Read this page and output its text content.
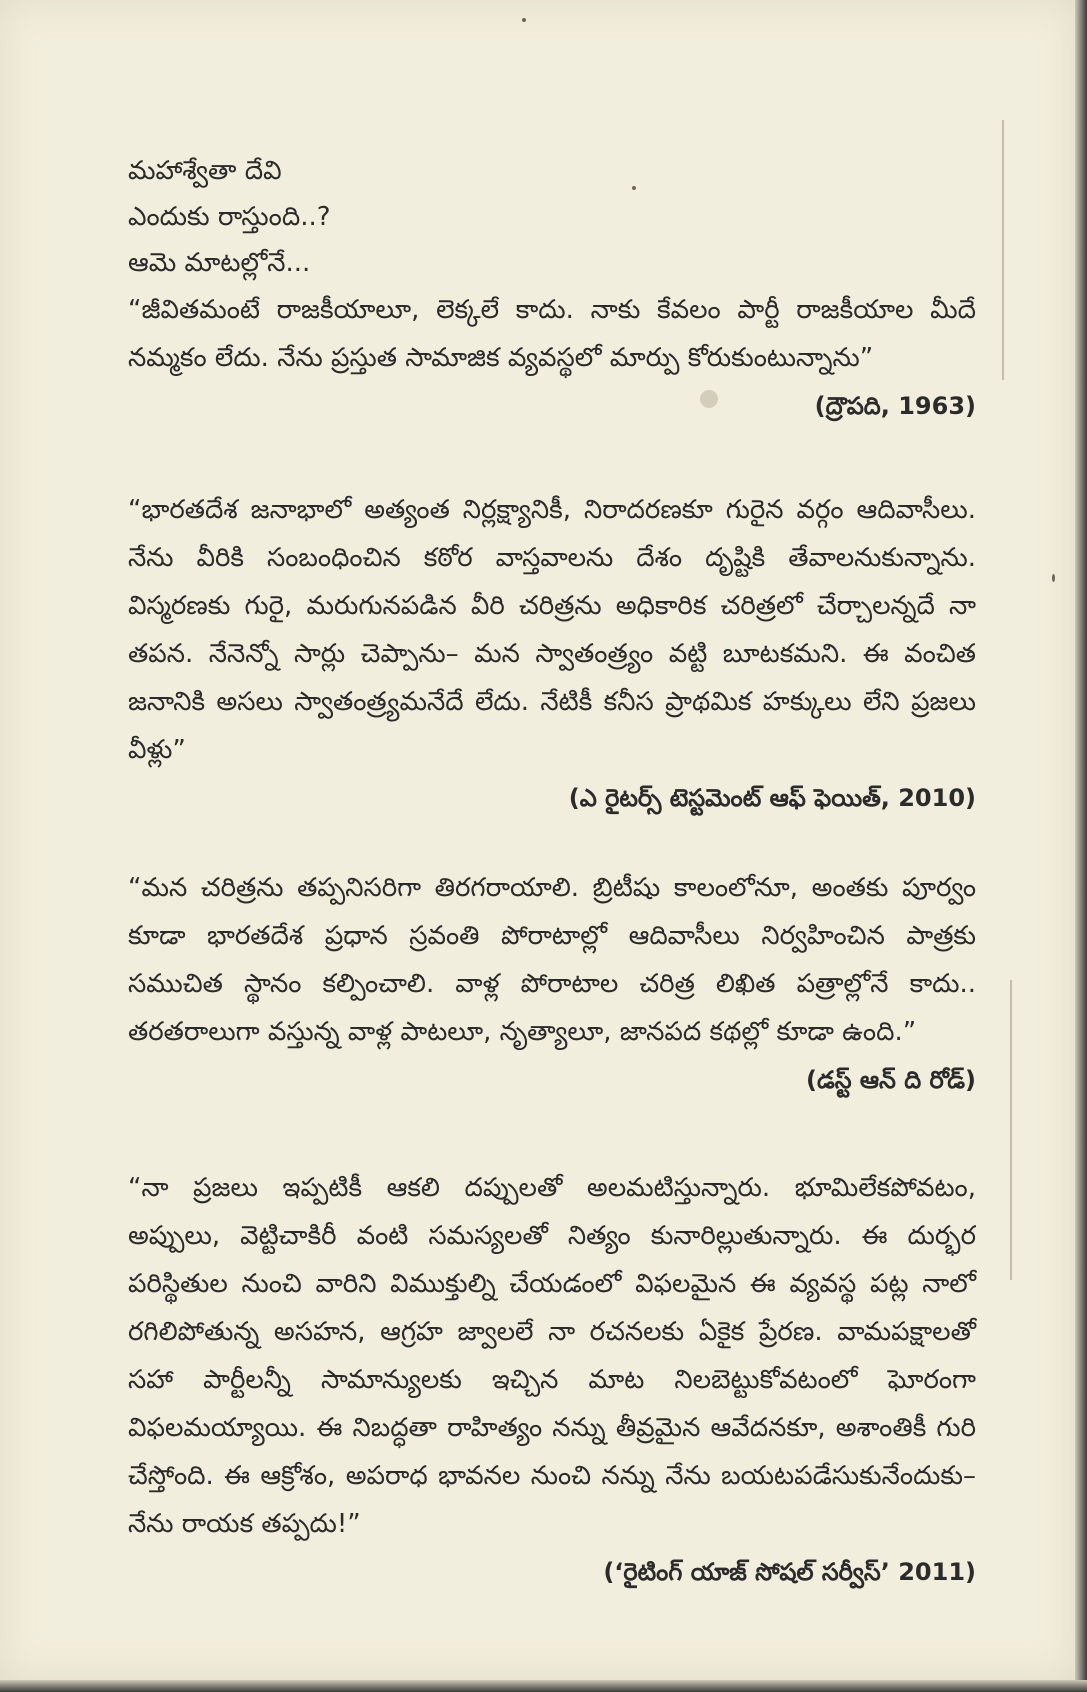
మహాశ్వేతా దేవి
ఎందుకు రాస్తుంది..?
ఆమె మాటల్లోనే...

“జీవితమంటే రాజకీయాలూ, లెక్కలే కాదు. నాకు కేవలం పార్టీ రాజకీయాల మీదే నమ్మకం లేదు. నేను ప్రస్తుత సామాజిక వ్యవస్థలో మార్పు కోరుకుంటున్నాను”

(ద్రౌపది, 1963)

“భారతదేశ జనాభాలో అత్యంత నిర్లక్ష్యానికీ, నిరాదరణకూ గురైన వర్గం ఆదివాసీలు. నేను వీరికి సంబంధించిన కఠోర వాస్తవాలను దేశం దృష్టికి తేవాలనుకున్నాను. విస్మరణకు గురై, మరుగునపడిన వీరి చరిత్రను అధికారిక చరిత్రలో చేర్చాలన్నదే నా తపన. నేనెన్నో సార్లు చెప్పాను– మన స్వాతంత్ర్యం వట్టి బూటకమని. ఈ వంచిత జనానికి అసలు స్వాతంత్ర్యమనేదే లేదు. నేటికీ కనీస ప్రాథమిక హక్కులు లేని ప్రజలు వీళ్లు”

(ఎ రైటర్స్ టెస్టమెంట్ ఆఫ్ ఫెయిత్, 2010)

“మన చరిత్రను తప్పనిసరిగా తిరగరాయాలి. బ్రిటీషు కాలంలోనూ, అంతకు పూర్వం కూడా భారతదేశ ప్రధాన స్రవంతి పోరాటాల్లో ఆదివాసీలు నిర్వహించిన పాత్రకు సముచిత స్థానం కల్పించాలి. వాళ్ల పోరాటాల చరిత్ర లిఖిత పత్రాల్లోనే కాదు.. తరతరాలుగా వస్తున్న వాళ్ల పాటలూ, నృత్యాలూ, జానపద కథల్లో కూడా ఉంది.”

(డస్ట్ ఆన్ ది రోడ్)

“నా ప్రజలు ఇప్పటికీ ఆకలి దప్పులతో అలమటిస్తున్నారు. భూమిలేకపోవటం, అప్పులు, వెట్టిచాకిరీ వంటి సమస్యలతో నిత్యం కునారిల్లుతున్నారు. ఈ దుర్భర పరిస్థితుల నుంచి వారిని విముక్తుల్ని చేయడంలో విఫలమైన ఈ వ్యవస్థ పట్ల నాలో రగిలిపోతున్న అసహన, ఆగ్రహ జ్వాలలే నా రచనలకు ఏకైక ప్రేరణ. వామపక్షాలతో సహా పార్టీలన్నీ సామాన్యులకు ఇచ్చిన మాట నిలబెట్టుకోవటంలో ఘోరంగా విఫలమయ్యాయి. ఈ నిబద్ధతా రాహిత్యం నన్ను తీవ్రమైన ఆవేదనకూ, అశాంతికీ గురి చేస్తోంది. ఈ ఆక్రోశం, అపరాధ భావనల నుంచి నన్ను నేను బయటపడేసుకునేందుకు– నేను రాయక తప్పదు!”

(‘రైటింగ్ యాజ్ సోషల్ సర్వీస్’ 2011)
